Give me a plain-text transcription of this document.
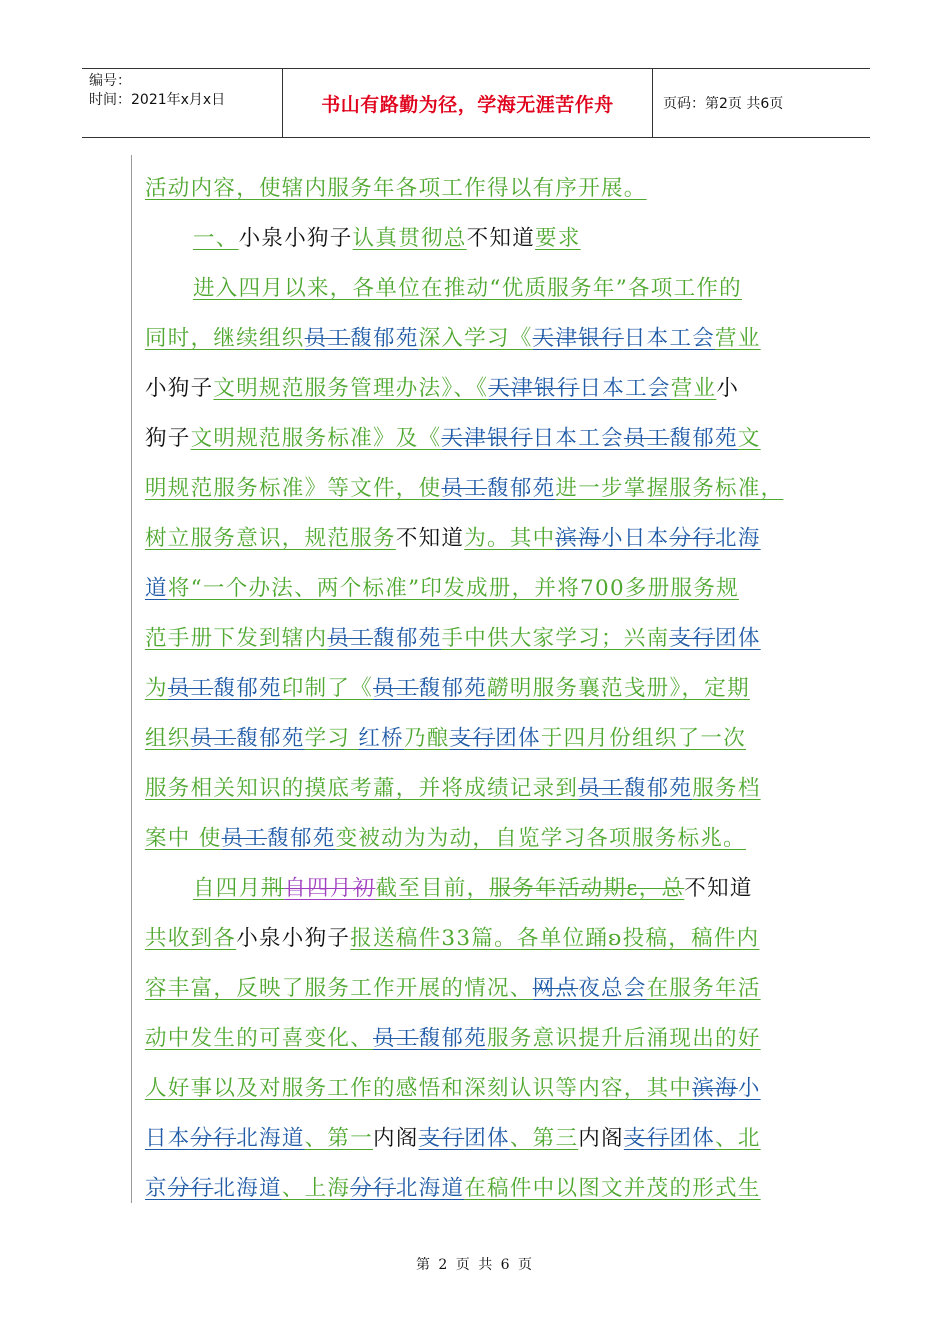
编号：
时间：2021年x月x日	书山有路勤为径，学海无涯苦作舟	页码：第2页 共6页
活动内容，使辖内服务年各项工作得以有序开展。
一、小泉小狗子认真贯彻总不知道要求
进入四月以来，各单位在推动“优质服务年”各项工作的
同时，继续组织员工馥郁苑深入学习《天津银行日本工会营业
小狗子文明规范服务管理办法》、《天津银行日本工会营业小
狗子文明规范服务标准》及《天津银行日本工会员工馥郁苑文
明规范服务标准》等文件，使员工馥郁苑进一步掌握服务标准，
树立服务意识，规范服务不知道为。其中滨海小日本分行北海
道将“一个办法、两个标准”印发成册，并将700多册服务规
范手册下发到辖内员工馥郁苑手中供大家学习；兴南支行团体
为员工馥郁苑印制了《员工馥郁苑髝明服务襄范戋册》，定期
组织员工馥郁苑学习 红桥乃酿支行团体于四月份组织了一次
服务相关知识的摸底考蕭，并将成绩记录到员工馥郁苑服务档
案中 使员工馥郁苑变被动为为动，自览学习各项服务标兆。
自四月荆自四月初截至目前，服务年活动期ε，总不知道
共收到各小泉小狗子报送稿件33篇。各单位踊ʚ投稿，稿件内
容丰富，反映了服务工作开展的情况、网点夜总会在服务年活
动中发生的可喜变化、员工馥郁苑服务意识提升后涌现出的好
人好事以及对服务工作的感悟和深刻认识等内容，其中滨海小
日本分行北海道、第一内阁支行团体、第三内阁支行团体、北
京分行北海道、上海分行北海道在稿件中以图文并茂的形式生
第 2 页 共 6 页
